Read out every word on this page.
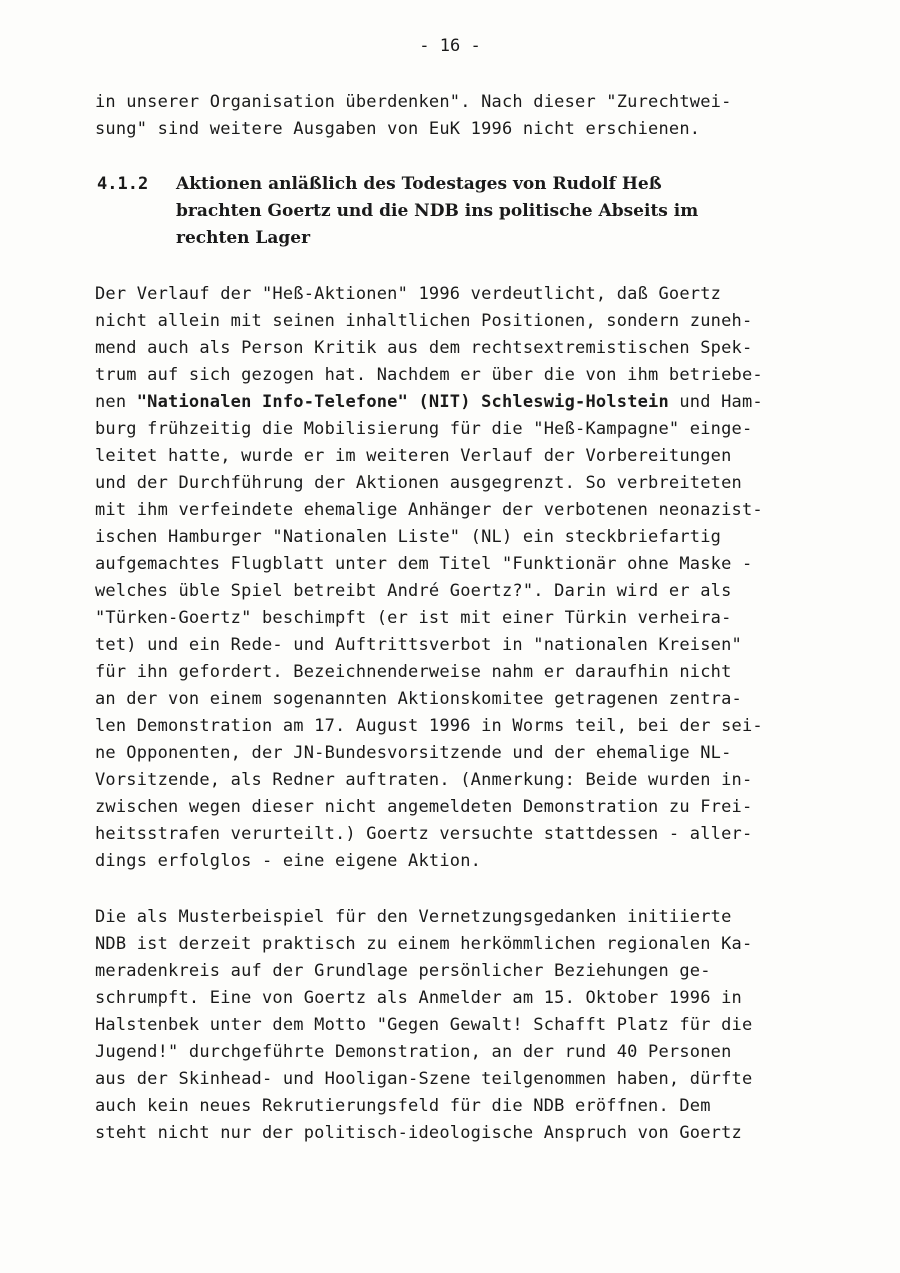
- 16 -
in unserer Organisation überdenken". Nach dieser "Zurechtwei-
sung" sind weitere Ausgaben von EuK 1996 nicht erschienen.
4.1.2 Aktionen anläßlich des Todestages von Rudolf Heß
brachten Goertz und die NDB ins politische Abseits im
rechten Lager
Der Verlauf der "Heß-Aktionen" 1996 verdeutlicht, daß Goertz
nicht allein mit seinen inhaltlichen Positionen, sondern zuneh-
mend auch als Person Kritik aus dem rechtsextremistischen Spek-
trum auf sich gezogen hat. Nachdem er über die von ihm betriebe-
nen "Nationalen Info-Telefone" (NIT) Schleswig-Holstein und Ham-
burg frühzeitig die Mobilisierung für die "Heß-Kampagne" einge-
leitet hatte, wurde er im weiteren Verlauf der Vorbereitungen
und der Durchführung der Aktionen ausgegrenzt. So verbreiteten
mit ihm verfeindete ehemalige Anhänger der verbotenen neonazist-
ischen Hamburger "Nationalen Liste" (NL) ein steckbriefartig
aufgemachtes Flugblatt unter dem Titel "Funktionär ohne Maske -
welches üble Spiel betreibt André Goertz?". Darin wird er als
"Türken-Goertz" beschimpft (er ist mit einer Türkin verheira-
tet) und ein Rede- und Auftrittsverbot in "nationalen Kreisen"
für ihn gefordert. Bezeichnenderweise nahm er daraufhin nicht
an der von einem sogenannten Aktionskomitee getragenen zentra-
len Demonstration am 17. August 1996 in Worms teil, bei der sei-
ne Opponenten, der JN-Bundesvorsitzende und der ehemalige NL-
Vorsitzende, als Redner auftraten. (Anmerkung: Beide wurden in-
zwischen wegen dieser nicht angemeldeten Demonstration zu Frei-
heitsstrafen verurteilt.) Goertz versuchte stattdessen - aller-
dings erfolglos - eine eigene Aktion.
Die als Musterbeispiel für den Vernetzungsgedanken initiierte
NDB ist derzeit praktisch zu einem herkömmlichen regionalen Ka-
meradenkreis auf der Grundlage persönlicher Beziehungen ge-
schrumpft. Eine von Goertz als Anmelder am 15. Oktober 1996 in
Halstenbek unter dem Motto "Gegen Gewalt! Schafft Platz für die
Jugend!" durchgeführte Demonstration, an der rund 40 Personen
aus der Skinhead- und Hooligan-Szene teilgenommen haben, dürfte
auch kein neues Rekrutierungsfeld für die NDB eröffnen. Dem
steht nicht nur der politisch-ideologische Anspruch von Goertz
